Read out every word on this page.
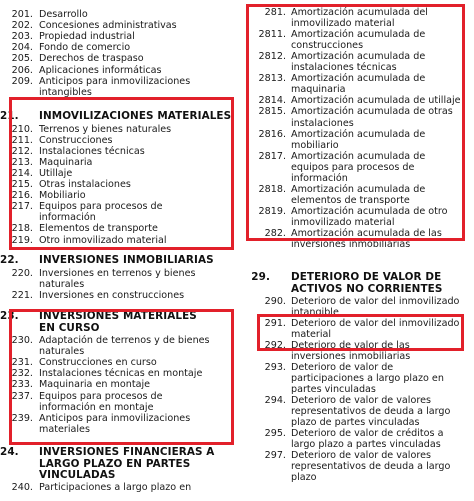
201. Desarrollo
202. Concesiones administrativas
203. Propiedad industrial
204. Fondo de comercio
205. Derechos de traspaso
206. Aplicaciones informáticas
209. Anticipos para inmovilizaciones
intangibles
21. INMOVILIZACIONES MATERIALES
210. Terrenos y bienes naturales
211. Construcciones
212. Instalaciones técnicas
213. Maquinaria
214. Utillaje
215. Otras instalaciones
216. Mobiliario
217. Equipos para procesos de
información
218. Elementos de transporte
219. Otro inmovilizado material
22. INVERSIONES INMOBILIARIAS
220. Inversiones en terrenos y bienes
naturales
221. Inversiones en construcciones
23. INVERSIONES MATERIALES
EN CURSO
230. Adaptación de terrenos y de bienes
naturales
231. Construcciones en curso
232. Instalaciones técnicas en montaje
233. Maquinaria en montaje
237. Equipos para procesos de
información en montaje
239. Anticipos para inmovilizaciones
materiales
24. INVERSIONES FINANCIERAS A
LARGO PLAZO EN PARTES
VINCULADAS
240. Participaciones a largo plazo en
281. Amortización acumulada del
inmovilizado material
2811. Amortización acumulada de
construcciones
2812. Amortización acumulada de
instalaciones técnicas
2813. Amortización acumulada de
maquinaria
2814. Amortización acumulada de utillaje
2815. Amortización acumulada de otras
instalaciones
2816. Amortización acumulada de
mobiliario
2817. Amortización acumulada de
equipos para procesos de
información
2818. Amortización acumulada de
elementos de transporte
2819. Amortización acumulada de otro
inmovilizado material
282. Amortización acumulada de las
inversiones inmobiliarias
29. DETERIORO DE VALOR DE
ACTIVOS NO CORRIENTES
290. Deterioro de valor del inmovilizado
intangible
291. Deterioro de valor del inmovilizado
material
292. Deterioro de valor de las
inversiones inmobiliarias
293. Deterioro de valor de
participaciones a largo plazo en
partes vinculadas
294. Deterioro de valor de valores
representativos de deuda a largo
plazo de partes vinculadas
295. Deterioro de valor de créditos a
largo plazo a partes vinculadas
297. Deterioro de valor de valores
representativos de deuda a largo
plazo
